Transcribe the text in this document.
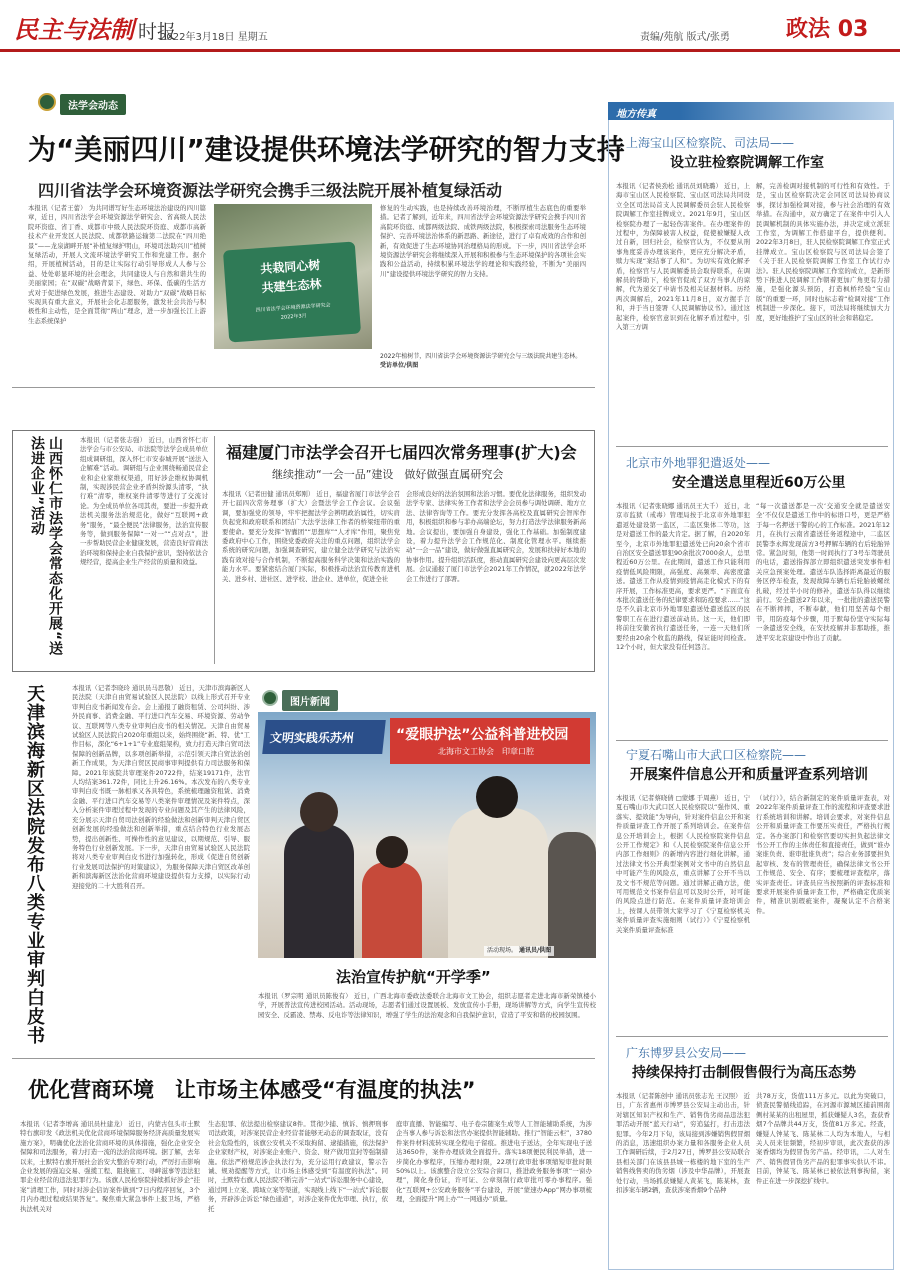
民主与法制 时报
2022年3月18日 星期五	责编/苑航 版式/张勇	政法 03
法学会动态
为“美丽四川”建设提供环境法学研究的智力支持
四川省法学会环境资源法学研究会携手三级法院开展补植复绿活动
本报讯（记者王蕾） 为共同谱写好生态环境法治建设的四川篇章，近日，四川省法学会环境资源法学研究会、省高级人民法院环资庭、省丁香、成都市中级人民法院环资庭、成都市高新技术产业开发区人民法院、成都铁路运输第二法院在“四川绝景”——龙泉湖畔开展“补植复绿护明山，环境司法助兴川”植树复绿活动，开展人文流环境法学研究工作和党建工作。据介绍，开展植树活动，目的是让实际行动引导形成人人参与公益、处处彰显环境的社会理念，共同建设人与自然和谐共生的美丽家园；在“双碳”战略背景下，绿色、环保、低碳的生活方式对于促进绿色发展，推进生态建设、对助力“双碳”战略目标实现具有重大意义，开展社会化志愿服务，激发社会共治与积极性和主动性，是全面贯彻“两山”理念，进一步加强长江上游生态系统保护
共栽同心树
共建生态林
四川省法学会环境资源法学研究会
2022年3月
修复的生动实践，也是持续改善环境治理，不断厚植生态底色的重要举措。记者了解到，近年来，四川省法学会环境资源法学研究会携手四川省高院环资庭、成都两级法院、成铁两级法院，积极探索司法服务生态环境保护、完善环境法治体系的新思路、新途径，进行了卓有成效的合作和创新，有效促进了生态环境协同治理格局的形成。下一步，四川省法学会环境资源法学研究会将继续深入开展和积极参与生态环境保护的各项社会实践和公益活动，持续积累环境法学的理论和实践经验，不断为“美丽四川”建设提供环境法学研究的智力支持。
2022年植树节，四川省法学会环境资源法学研究会与三级法院共建生态林。 受访单位/供图
山西怀仁市法学会常态化开展“送法进企业”活动	本报讯（记者张志强） 近日，山西省怀仁市法学会与市公安局、市法院等法学会成员单位组成调研组，深入怀仁市安泰城开展“送法入企解难”活动。调研组与企业围绕畅通民营企业和企业家维权渠道，用好涉企维权协调机制，实现涉民营企业矛盾纠纷源头清零，“执行难”清零，维权案件清零等进行了交流讨论。为全成员单位各司其责，要进一步提升政法机关服务法治规范化，做好“互联网+政务”服务，“最全便民”法律服务，法治宣传服务等，做到服务保障“一对一”“点对点”，进一步帮助民营企业健康发展，营造良好营商法治环境和保持企业自我保护意识，坚持依法合规经营，提高企业生产经营的质量和效益。
福建厦门市法学会召开七届四次常务理事(扩大)会
继续推动“一会一品”建设　做好做强直属研究会
本报讯（记者田健 通讯员郑刚） 近日，福建省厦门市法学会召开七届四次常务理事（扩大）会暨法学会工作会议。会议强调，要加强党的领导，牢牢把握法学会辨明政治属性，切实肩负起党和政府联系和团结广大法学法律工作者的桥梁纽带的重要使命。要充分发挥“智囊团”“思想库”“人才库”作用，聚焦党委政府中心工作，围绕党委政府关注的重点问题，组织法学会系统的研究问题，加强调查研究，建立健全法学研究与法治实践有效对接与合作机制，不断提高服务科学决策和法治实践的能力水平。要紧密结合厦门实际，积极推动法治宣传教育进机关、进乡村、进社区、进学校、进企业、进单位，促进全社
会形成良好的法治氛围和法治习惯。要优化法律服务，组织发动法学专家、法律实务工作者和法学会会员参与调处调研、地方立法、法律咨询等工作。要充分发挥各高校及直属研究会智库作用，积极组织和参与菲办高端论坛，努力打造法学法律服务新高地。会议提出，要加强自身建设，强化工作基础。加强制度建设，着力提升法学会工作规范化、制度化管理水平。继续推动“一会一品”建设，做好做强直属研究会，发展和扶持好本地的协事作用。提升组织活跃度，推动直属研究会建设向更高层次发展。会议通报了厦门市法学会2021年工作情况，就2022年法学会工作进行了部署。
天津滨海新区法院发布八类专业审判白皮书	本报讯（记者李晓玲 通讯员马思敬） 近日，天津市滨海新区人民法院（天津自由贸易试验区人民法院）以线上形式召开专业审判白皮书新闻发布会。会上通报了融资租赁、公司纠纷、涉外民商事、消费金融、平行进口汽车交易、环境资源、劳动争议、互联网等八类专业审判白皮书的相关情况。天津自由贸易试验区人民法院自2020年重组以来，始终围绕“新、特、优”工作目标，深化“6+1+1”专业庭组架构，致力打造天津自贸司法保障的创新品牌，以多项创新举措，示范引领天津自贸法治创新工作成果，为天津自贸区民商事审判提供有力司法服务和保障。2021年该院共审理案件20722件，结案19171件，法官人均结案361.72件，同比上升26.16%。本次发布的八类专业审判白皮书既一脉相承又各具特色，系统梳理融资租赁、消费金融、平行进口汽车交易等八类案件审理情况及案件特点，深入分析案件审理过程中发现的专业问题及其产生的法律风险，充分展示天津自贸司法创新的经验做法和创新审判天津自贸区创新发展的经验做法和创新举措，重点结合特色行业发展态势，提出创新性、可操作性的意见建议，以期规范、引导、服务特色行业创新发展。下一步，天津自由贸易试验区人民法院将对八类专业审判白皮书进行加强转化，形成《促进自贸创新行业发展司法保护的对策建议》，为服务保障天津自贸区改革创新和滨海新区法治化营商环境建设提供有力支撑，以实际行动迎接党的二十大胜利召开。
图片新闻
文明实践乐苏州	“爱眼护法”公益科普进校园
北海市文工协会　印章口腔
活动现场。 通讯员/供图
法治宣传护航“开学季”
本报讯（罗宗明 通讯员陈俊有） 近日，广西北海市委政法委联合北海市文工协会，组织志愿者走进北海市新荣镇楼小学，开展普法宣传进校园活动。活动现场，志愿者们通过设置展板、发放宣传小手册，现场讲解等方式，向学生宣传校园安全、反霸凌、禁毒、反电诈等法律知识，增强了学生的法治观念和自我保护意识，营造了平安和谐的校园氛围。
优化营商环境　让市场主体感受“有温度的执法”
本报讯（记者李增高 通讯员杜建龙） 近日，内蒙古包头市土默特右旗印发《政法机关优化营商环境保障服务经济高质量发展实施方案》，明确优化法治化营商环境的具体措施，强化企业安全保障和司法服务，着力打造一流的法治营商环境。据了解，去年以来，土默特右旗开展社会治安大整治专项行动，严厉打击影响企业发展的强迫交易、强揽工程、阻挠施工、寻衅滋事等违法犯罪企业经营的违法犯罪行为。该旗人民检察院持续抓好涉企“挂案”清理工作，同时对涉企信访案件做到“7日内程序回复，3个月内办理过程或结果答复”。聚焦重大紧急事件上报卫场，严格执法机关对
生态犯罪、依法提出检察建议8件。贯彻少捕、慎诉、慎押刑事司法政策，对涉案民营企业经营者能够无动态的调查取证，没有社会危险性的，该旗公安机关不采取拘留、逮捕措施，依法保护企业家财产权，对涉案企业账户、资金、财产做用宣封等强制措施。依法严格规范涉企执法行为，充分运用行政建议，警示告诫、规劝提醒等方式，让市场主体感受到“有温度的执法”。同时，土默特右旗人民法院不断完善“一站式”诉讼服务中心建设，通过网上立案、跨域立案等渠道，实现线上线下“一站式”诉讼服务，开辟涉企诉讼“绿色通道”，对涉企案件优先审理、执行，依托
庭审直播、智能编写、电子卷宗随案生成等人工智能辅助系统，为涉企当事人参与诉讼和法官办案提供智能辅助。推行“智能云柜”，3780件案件材料流转实现全程电子留痕。推进电子送达，全年实现电子送达3650件，案件办理质效全面提升。落实18项便民利民举措，进一步简化办事程序，压缩办理时限，22项行政审批事项缩短审批时限50%以上。该旗整合设立公安综合窗口，推进政务服务事项“一窗办理”，简化身份证，许可证、公章刻制行政审批可零办事程序。强化“互联网+公安政务服务”平台建设，开展“蒙速办App”网办事项梳理，全面提升“网上办”“一网通办”质量。
地方传真
上海宝山区检察院、司法局——
设立驻检察院调解工作室
本报讯（记者侯劲松 通讯员刘晓璐） 近日，上海市宝山区人民检察院、宝山区司法局共同设立全区司法局首支人民调解委员会驻人民检察院调解工作室挂牌成立。2021年9月，宝山区检察院办理了一起轻伤害案件。在办理案件的过程中，为保障被害人权益，促使被嫌疑人改过自新，回归社会，检察官认为，不仅要从刑事角度妥善办理该案件，更应充分解决矛盾，赎力实现“案结事了人和”。为切实有效化解矛盾，检察官与人民调解委员会取得联系，在调解员的帮助下，检察官促成了双方当事人的谅解，代为递交了申请书及相关证据材料。历经两次调解后，2021年11月8日，双方握手言和，并于当日签署《人民调解协议书》。通过这起案件，检察官意识到在化解矛盾过程中，引入第三方调
解，完善检调对接机制的可行性和有效性。于是，宝山区检察院决定会同区司法局协商议事，探讨加强检调对接，参与社会治理的有效举措。在沟通中，双方确定了在案件中引入人民调解机制的具体实施办法，并决定成立派驻工作室，为调解工作搭建平台，提供便利。2022年3月8日，驻人民检察院调解工作室正式挂牌成立。宝山区检察院与区司法局会签了《关于驻人民检察院调解工作室工作试行办法》。驻人民检察院调解工作室的成立，是新形势下推进人民调解工作朝着更加广角更有力措施，是强化源头预防，打造枫桥经验“宝山版”的重要一环，同时也标志着“检调对接”工作机制进一步深化。接下，司法局将继续加大力度，更好地推护了宝山区的社会和谐稳定。
北京市外地罪犯遣返处——
安全遣送息里程近60万公里
本报讯（记者张晓娜 通讯员王大千） 近日，北京市监狱（戒毒）管理局按于北京市外地罪犯遣返处建设第一监区，二监区集体二等功，这是对遣送工作的最大肯定。据了解，自2020年至今，北京市外地罪犯遣送处已向20余个省市自治区安全遣送罪犯90余批次7000余人，总里程近60万公里。在此期间，遣送工作只能利用疫情低风险期限，高强度、高频率、高密度遣送。遣送工作从疫情到疫情高走化模式下的有序开展，工作标准更高，要求更严。“下面宣布本批次遣送任务的纪律要求和防疫要求……”这是不久前北京市外地罪犯遣送处遣送监区的民警职工在在进行遣送前动员。这一天，他们即将前往安徽省执行遣送任务，一连一天他们所要经由20余个收监的路线，保证能时间检查。12个小时，但大家没有任何怨言。
“每一次遣送都是一次‘交通安全就是遣送安全’不仅仅是遣送工作中的标语口号，更是严格于每一名押送干警的心的工作标准。2021年12月，在执行云南省遣送任务返程途中，二监区民警李永辉发现前方3号押解车辆的右后轮胎异常。紧急时刻，他第一时间执行了3号车驾驶员的电话，遣送指挥部立即组织遣送突发事件相关应急预案处理。遣送车队选择距离最近的服务区停车检查，发现故障车辆右后轮胎被螺丝扎破，经过半小时的修补，遣送车队得以继续前行。安全遣送27年以来，一批批的遣送民警在不断摔摔，不断奉献，他们用坚苦每个细节，用防疫每个步骤，用于默每份坚守实际每一条遣送安全线，在安扶疫解并非那助推，推进平安北京建设中作出了贡献。
宁夏石嘴山市大武口区检察院——
开展案件信息公开和质量评查系列培训
本报讯（记者蔡晓倩 □蒙娜 于周燕） 近日，宁夏石嘴山市大武口区人民检察院以“强作风、重落实、提效能”为导向，针对案件信息公开和案件质量评查工作开展了系列培训会。在案件信息公开培训会上，根据《人民检察院案件信息公开工作规定》和《人民检察院案件信息公开内部工作细则》的新增内容进行细化讲解，通过法律文书公开典型案例对文书中的自然信息中可能产生的风险点，重点讲解了公开不当以及文书不规范等问题。通过讲解正确方法，使可用规范文书案件信息可以及时公开，对可能的风险点进行防范。在案件质量评查培训会上，按课人员带领大家学习了《宁夏检察机关案件质量评查实施细则（试行）》《宁夏检察机关案件质量评查标准
（试行）》，结合新制定的案件质量评查表，对2022年案件质量评查工作的流程和评查要求进行系统培训和讲解。培训会要求，对案件信息公开和质量评查工作要压实责任，严格执行规定。各办案部门和检察官要切实担负起法律文书公开工作的主体责任和直接责任，做到“谁办案谁负责、谁审批谁负责”；综合业务部要担负起审核、发布的管理责任，确保法律文书公开工作规范、安全、有序；要梳理评查程序，落实评查责任。评查员应当按照新的评查标准和要求开展案件质量评查工作，严格确定优质案件，精准识别瑕疵案件，凝聚认定不合格案件。
广东博罗县公安局——
持续保持打击制假售假行为高压态势
本报讯（记者陈创中 通讯员张志光 王汉照） 近日，广东省惠州市博罗县公安局主动出击，针对辖区知识产权和生产、销售伪劣商品违法犯罪活动开展“蓝天行动”，穷追猛打，打击违法犯罪。今年2月下旬，该局接到涉嫌销售假冒烟的消息，迅速组织办案力量和各服务企业人员工作调研后续，于2月27日，博罗县公安局联合县相关部门在该县县城一栋楼的地下室的生产销售线售卖的伪劣烟（涉及中华品牌），开展查处行动，当场抓获嫌疑人黄某飞，陈某林，查扣涉案车辆2辆，查获涉案香烟9个品种
共78万支，货值111万多元。以此为突破口，侦查民警循线追踪，在河源市源城区捕前围南侧村某某的出租屋里，抓获嫌疑人3名，查获香烟7个品牌共44万支，货值81万多元。经查，嫌疑人钟某飞、陈某林二人均为本地人，与相关人员来往频繁，经初步审讯，此次查获的涉案香烟均为假冒伪劣产品。经审讯，二人对生产、销售假冒伪劣产品的犯罪事实供认不讳。目前，钟某飞、陈某林已被依法刑事拘留，案件正在进一步深挖扩线中。
